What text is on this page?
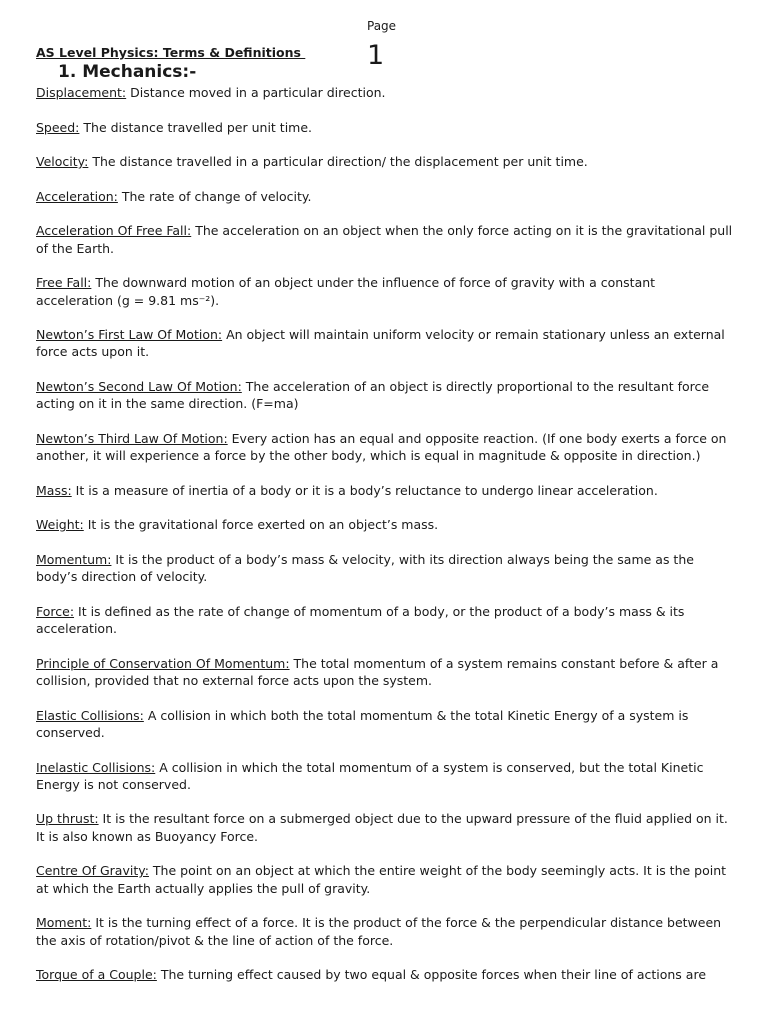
Page
1
AS Level Physics: Terms & Definitions
1. Mechanics:-

Displacement: Distance moved in a particular direction.

Speed: The distance travelled per unit time.

Velocity: The distance travelled in a particular direction/ the displacement per unit time.

Acceleration: The rate of change of velocity.

Acceleration Of Free Fall: The acceleration on an object when the only force acting on it is the gravitational pull of the Earth.

Free Fall: The downward motion of an object under the influence of force of gravity with a constant acceleration (g = 9.81 ms⁻²).

Newton’s First Law Of Motion: An object will maintain uniform velocity or remain stationary unless an external force acts upon it.

Newton’s Second Law Of Motion: The acceleration of an object is directly proportional to the resultant force acting on it in the same direction. (F=ma)

Newton’s Third Law Of Motion: Every action has an equal and opposite reaction. (If one body exerts a force on another, it will experience a force by the other body, which is equal in magnitude & opposite in direction.)

Mass: It is a measure of inertia of a body or it is a body’s reluctance to undergo linear acceleration.

Weight: It is the gravitational force exerted on an object’s mass.

Momentum: It is the product of a body’s mass & velocity, with its direction always being the same as the body’s direction of velocity.

Force: It is defined as the rate of change of momentum of a body, or the product of a body’s mass & its acceleration.

Principle of Conservation Of Momentum: The total momentum of a system remains constant before & after a collision, provided that no external force acts upon the system.

Elastic Collisions: A collision in which both the total momentum & the total Kinetic Energy of a system is conserved.

Inelastic Collisions: A collision in which the total momentum of a system is conserved, but the total Kinetic Energy is not conserved.

Up thrust: It is the resultant force on a submerged object due to the upward pressure of the fluid applied on it. It is also known as Buoyancy Force.

Centre Of Gravity: The point on an object at which the entire weight of the body seemingly acts. It is the point at which the Earth actually applies the pull of gravity.

Moment: It is the turning effect of a force. It is the product of the force & the perpendicular distance between the axis of rotation/pivot & the line of action of the force.

Torque of a Couple: The turning effect caused by two equal & opposite forces when their line of actions are
